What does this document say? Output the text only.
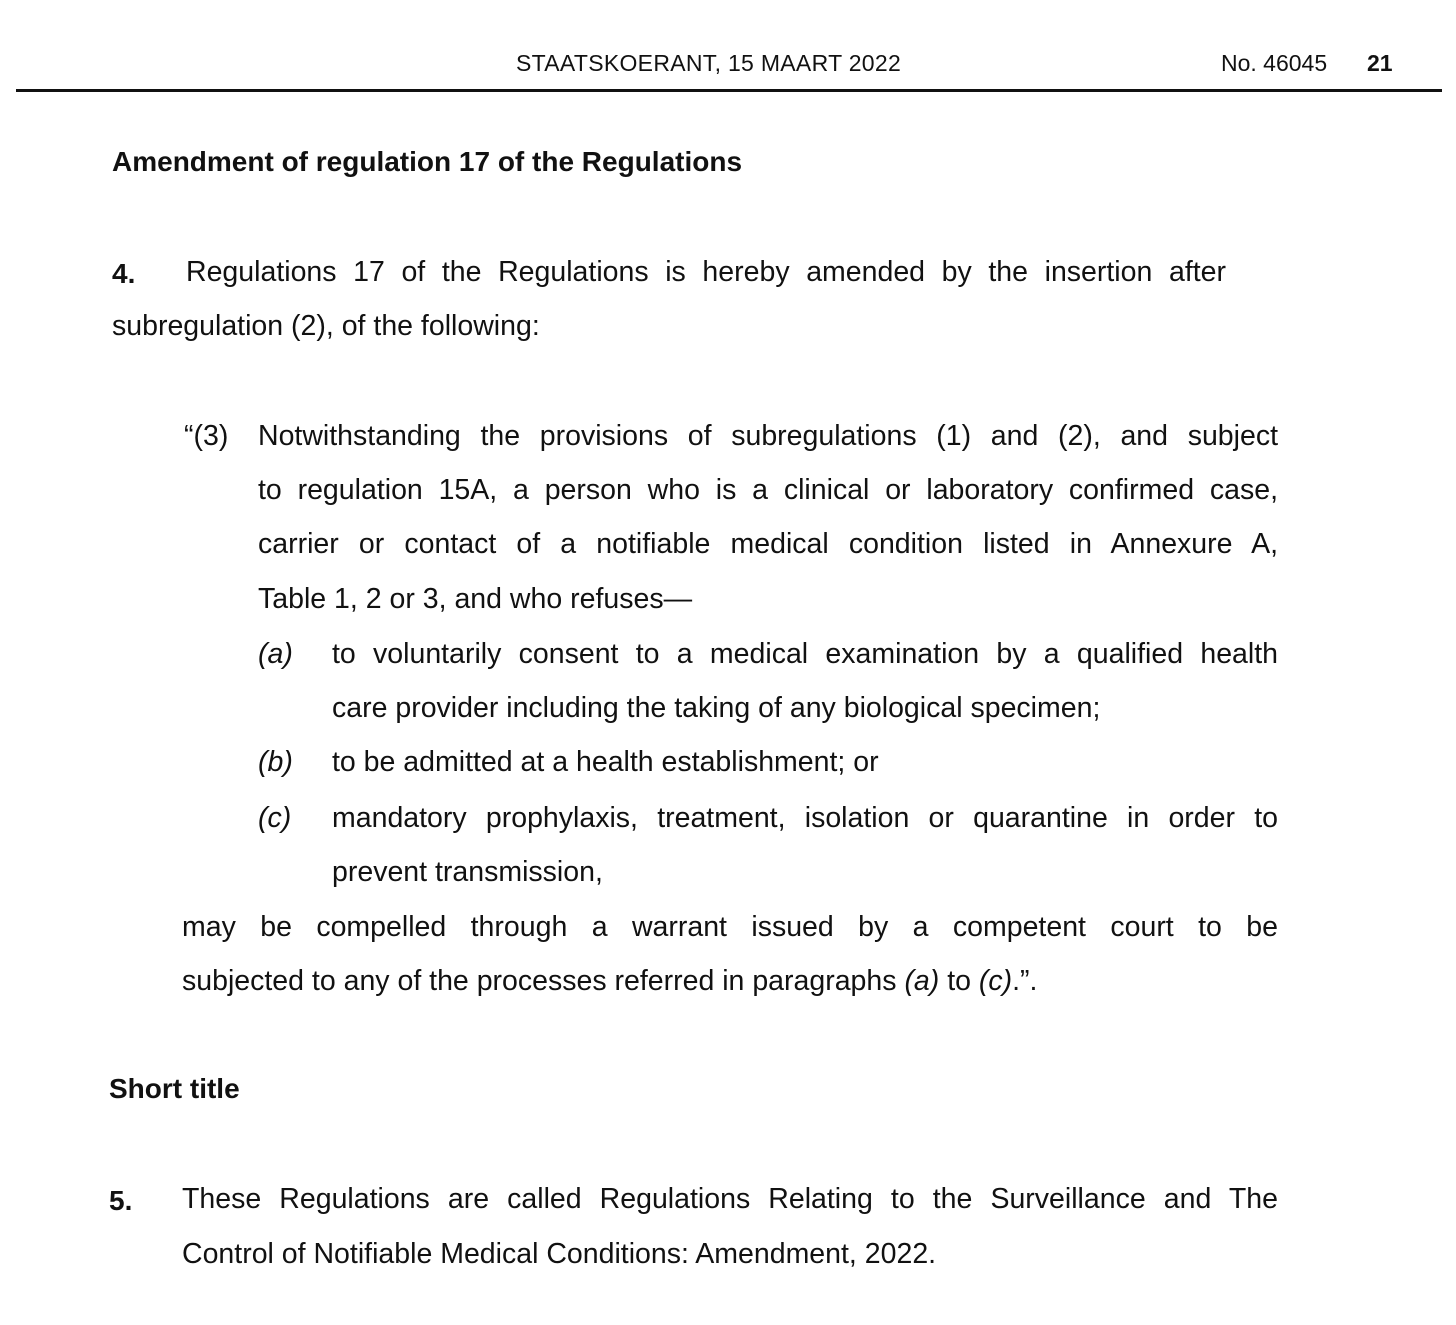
STAATSKOERANT, 15 MAART 2022	No. 46045 21
Amendment of regulation 17 of the Regulations
4. Regulations 17 of the Regulations is hereby amended by the insertion after
subregulation (2), of the following:
“(3) Notwithstanding the provisions of subregulations (1) and (2), and subject
to regulation 15A, a person who is a clinical or laboratory confirmed case,
carrier or contact of a notifiable medical condition listed in Annexure A,
Table 1, 2 or 3, and who refuses—
(a) to voluntarily consent to a medical examination by a qualified health
care provider including the taking of any biological specimen;
(b) to be admitted at a health establishment; or
(c) mandatory prophylaxis, treatment, isolation or quarantine in order to
prevent transmission,
may be compelled through a warrant issued by a competent court to be
subjected to any of the processes referred in paragraphs (a) to (c).”.
Short title
5. These Regulations are called Regulations Relating to the Surveillance and The
Control of Notifiable Medical Conditions: Amendment, 2022.
